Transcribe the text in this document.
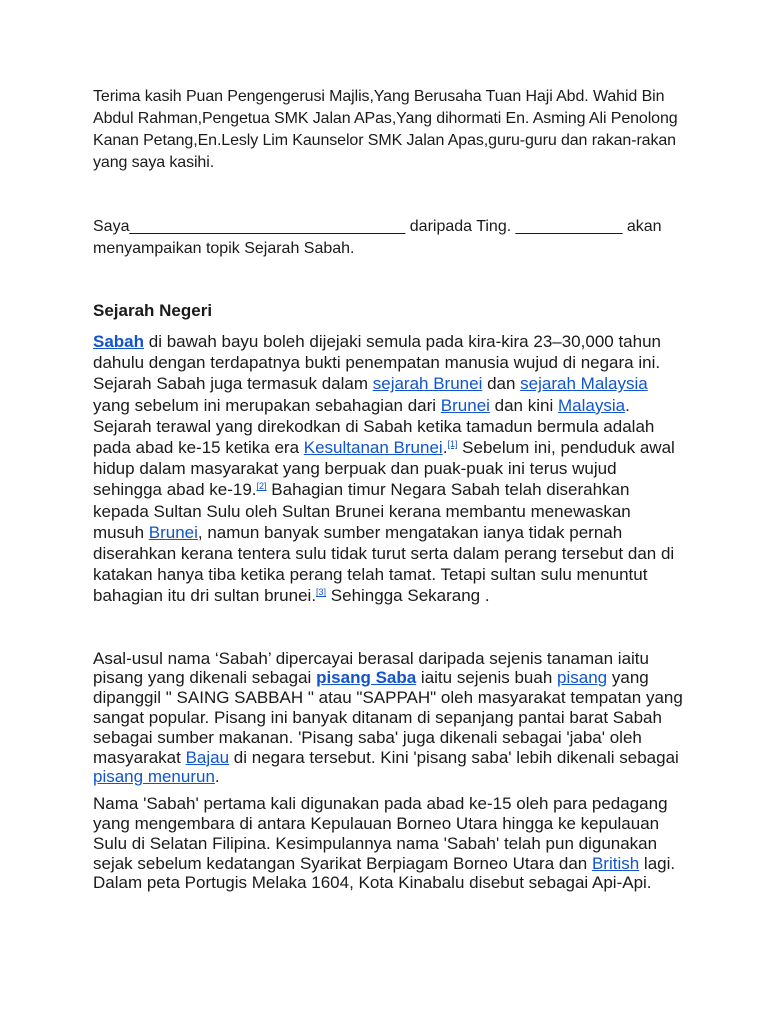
Terima kasih Puan Pengengerusi Majlis,Yang Berusaha Tuan Haji Abd. Wahid Bin Abdul Rahman,Pengetua SMK Jalan APas,Yang dihormati En. Asming Ali Penolong Kanan Petang,En.Lesly Lim Kaunselor SMK Jalan Apas,guru-guru dan rakan-rakan yang saya kasihi.

Saya_______________________________ daripada Ting. ____________ akan menyampaikan topik Sejarah Sabah.

Sejarah Negeri

Sabah di bawah bayu boleh dijejaki semula pada kira-kira 23–30,000 tahun dahulu dengan terdapatnya bukti penempatan manusia wujud di negara ini. Sejarah Sabah juga termasuk dalam sejarah Brunei dan sejarah Malaysia yang sebelum ini merupakan sebahagian dari Brunei dan kini Malaysia. Sejarah terawal yang direkodkan di Sabah ketika tamadun bermula adalah pada abad ke-15 ketika era Kesultanan Brunei.[1] Sebelum ini, penduduk awal hidup dalam masyarakat yang berpuak dan puak-puak ini terus wujud sehingga abad ke-19.[2] Bahagian timur Negara Sabah telah diserahkan kepada Sultan Sulu oleh Sultan Brunei kerana membantu menewaskan musuh Brunei, namun banyak sumber mengatakan ianya tidak pernah diserahkan kerana tentera sulu tidak turut serta dalam perang tersebut dan di katakan hanya tiba ketika perang telah tamat. Tetapi sultan sulu menuntut bahagian itu dri sultan brunei.[3] Sehingga Sekarang .

Asal-usul nama ‘Sabah’ dipercayai berasal daripada sejenis tanaman iaitu pisang yang dikenali sebagai pisang Saba iaitu sejenis buah pisang yang dipanggil " SAING SABBAH " atau "SAPPAH" oleh masyarakat tempatan yang sangat popular. Pisang ini banyak ditanam di sepanjang pantai barat Sabah sebagai sumber makanan. 'Pisang saba' juga dikenali sebagai 'jaba' oleh masyarakat Bajau di negara tersebut. Kini 'pisang saba' lebih dikenali sebagai pisang menurun.

Nama 'Sabah' pertama kali digunakan pada abad ke-15 oleh para pedagang yang mengembara di antara Kepulauan Borneo Utara hingga ke kepulauan Sulu di Selatan Filipina. Kesimpulannya nama 'Sabah' telah pun digunakan sejak sebelum kedatangan Syarikat Berpiagam Borneo Utara dan British lagi. Dalam peta Portugis Melaka 1604, Kota Kinabalu disebut sebagai Api-Api.
